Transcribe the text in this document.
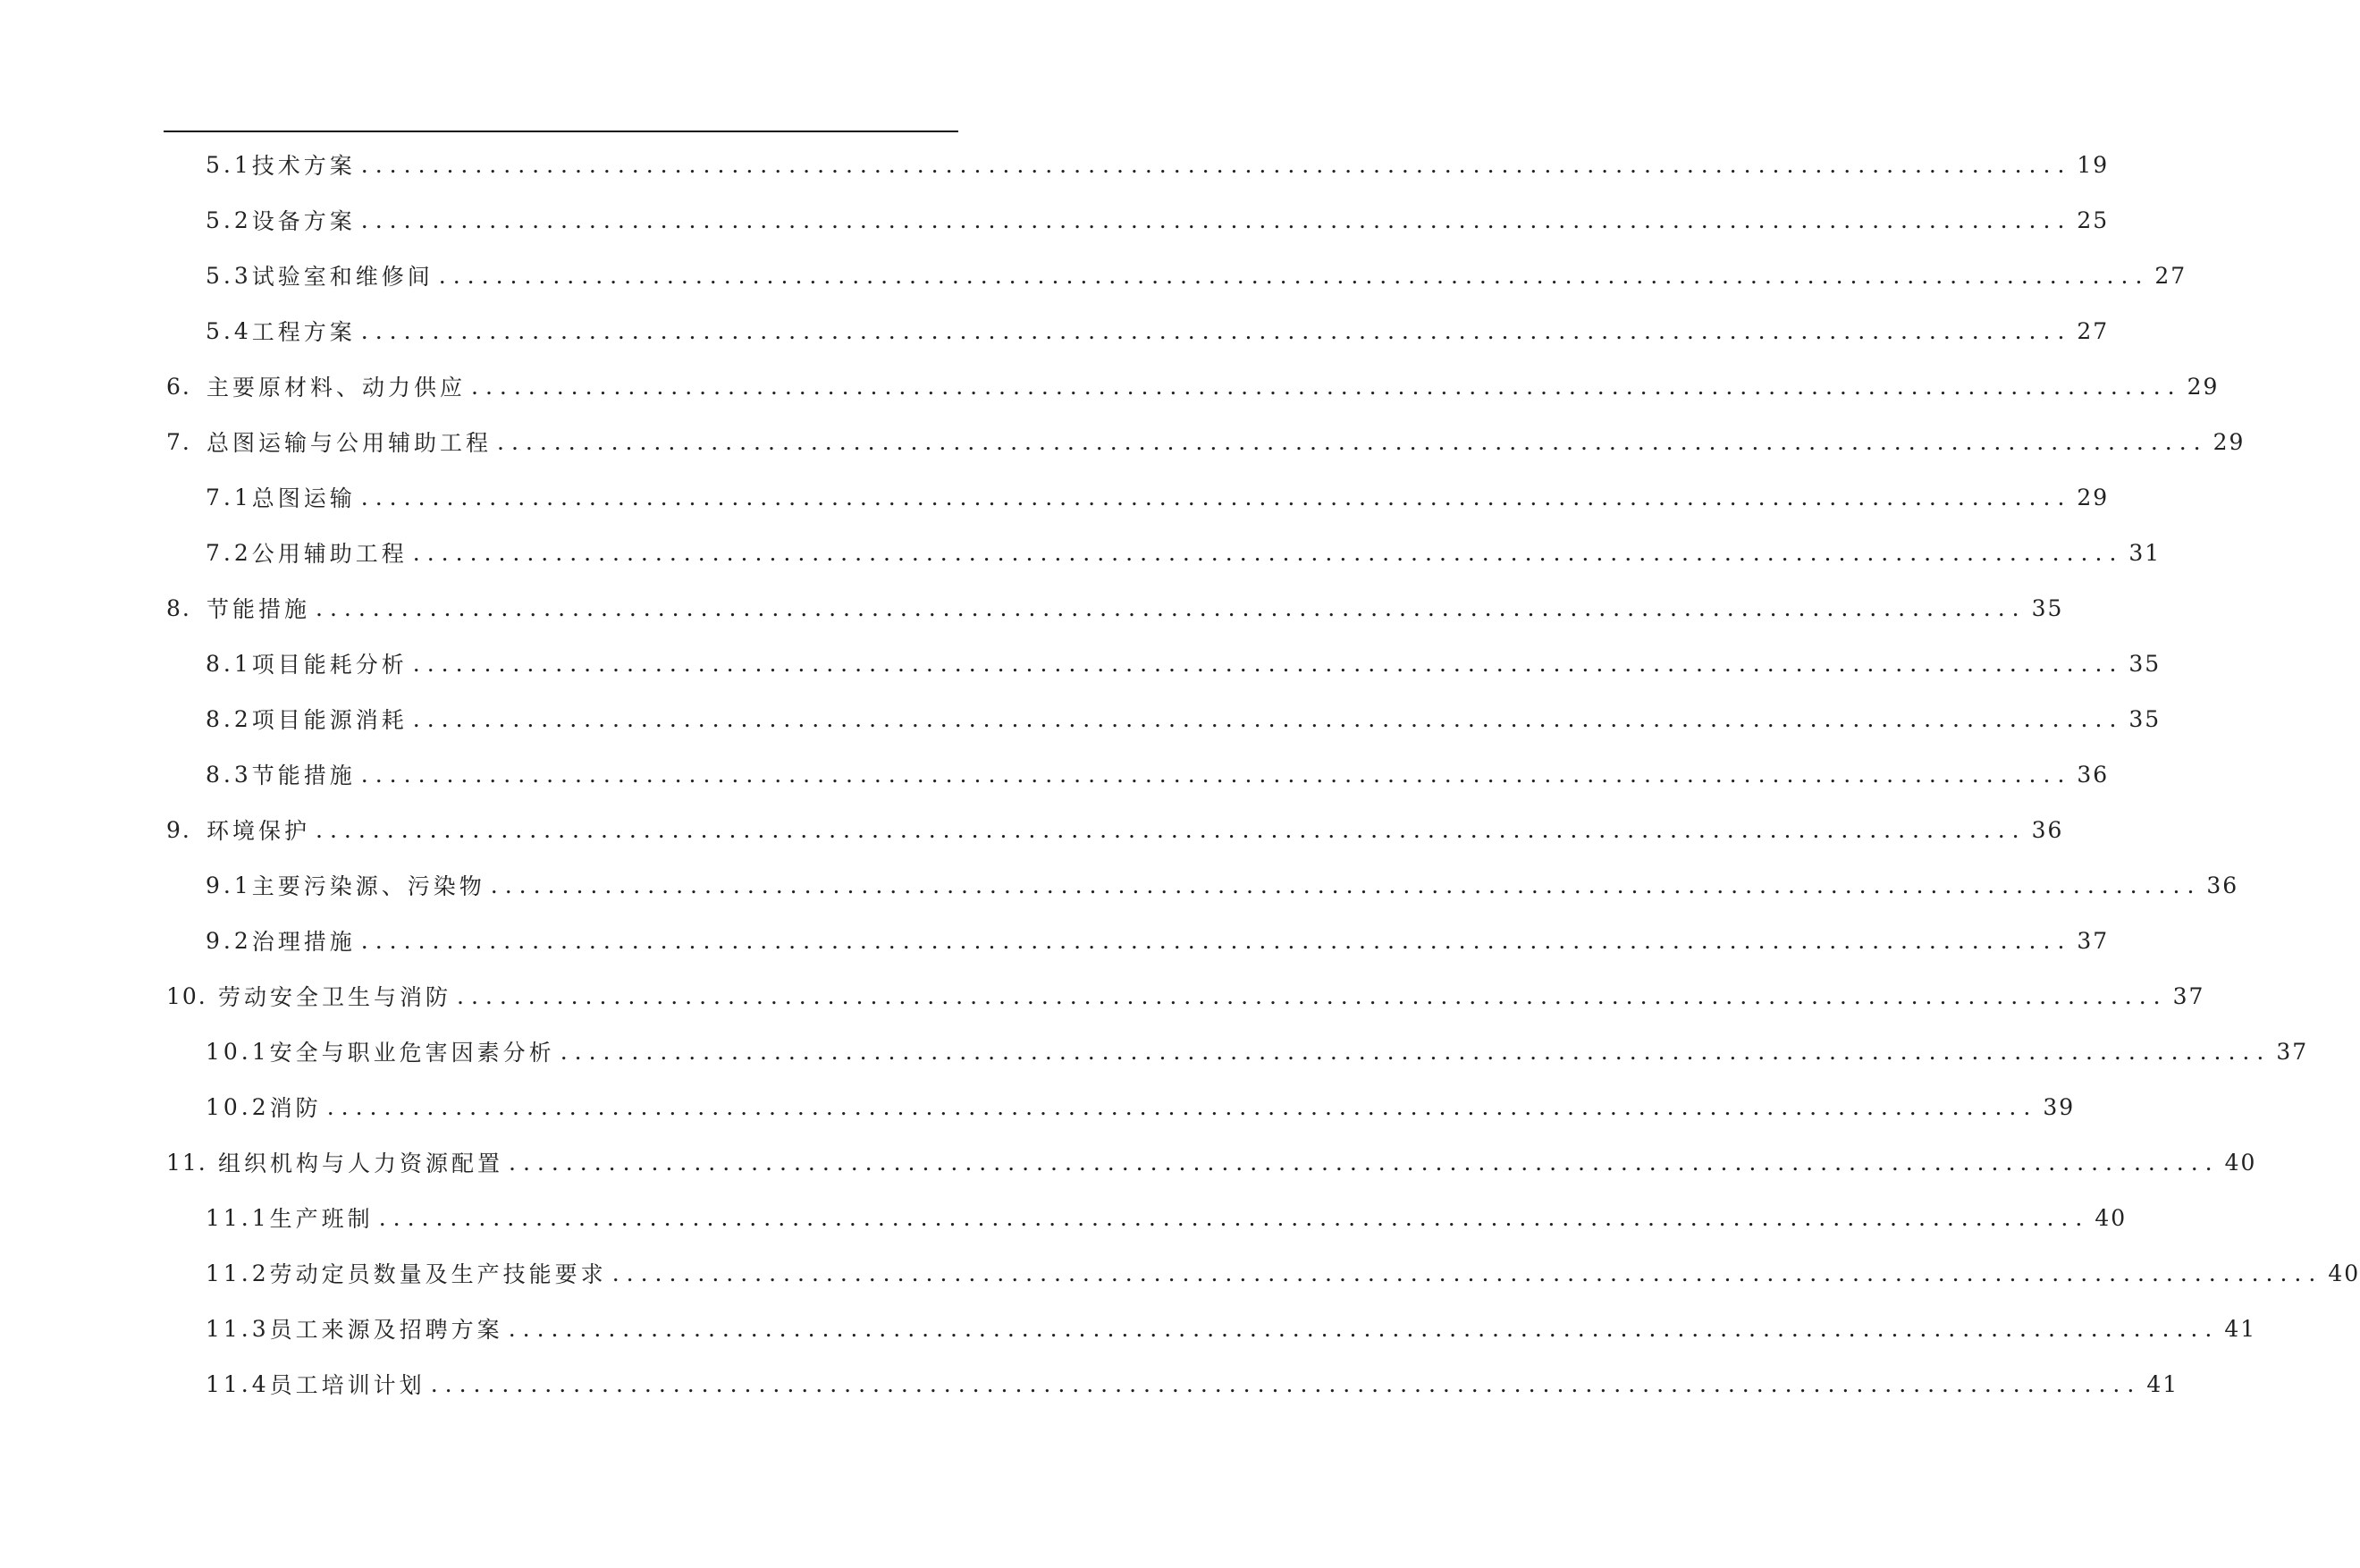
5.1 技术方案 ........................................................................................................................ 19
5.2 设备方案 ........................................................................................................................ 25
5.3 试验室和维修间 ........................................................................................................................ 27
5.4 工程方案 ........................................................................................................................ 27
6. 主要原材料、动力供应 ........................................................................................................................ 29
7. 总图运输与公用辅助工程 ........................................................................................................................ 29
7.1 总图运输 ........................................................................................................................ 29
7.2 公用辅助工程 ........................................................................................................................ 31
8. 节能措施 ........................................................................................................................ 35
8.1 项目能耗分析 ........................................................................................................................ 35
8.2 项目能源消耗 ........................................................................................................................ 35
8.3 节能措施 ........................................................................................................................ 36
9. 环境保护 ........................................................................................................................ 36
9.1 主要污染源、污染物 ........................................................................................................................ 36
9.2 治理措施 ........................................................................................................................ 37
10. 劳动安全卫生与消防 ........................................................................................................................ 37
10.1 安全与职业危害因素分析 ........................................................................................................................ 37
10.2 消防 ........................................................................................................................ 39
11. 组织机构与人力资源配置 ........................................................................................................................ 40
11.1 生产班制 ........................................................................................................................ 40
11.2 劳动定员数量及生产技能要求 ........................................................................................................................ 40
11.3 员工来源及招聘方案 ........................................................................................................................ 41
11.4 员工培训计划 ........................................................................................................................ 41
